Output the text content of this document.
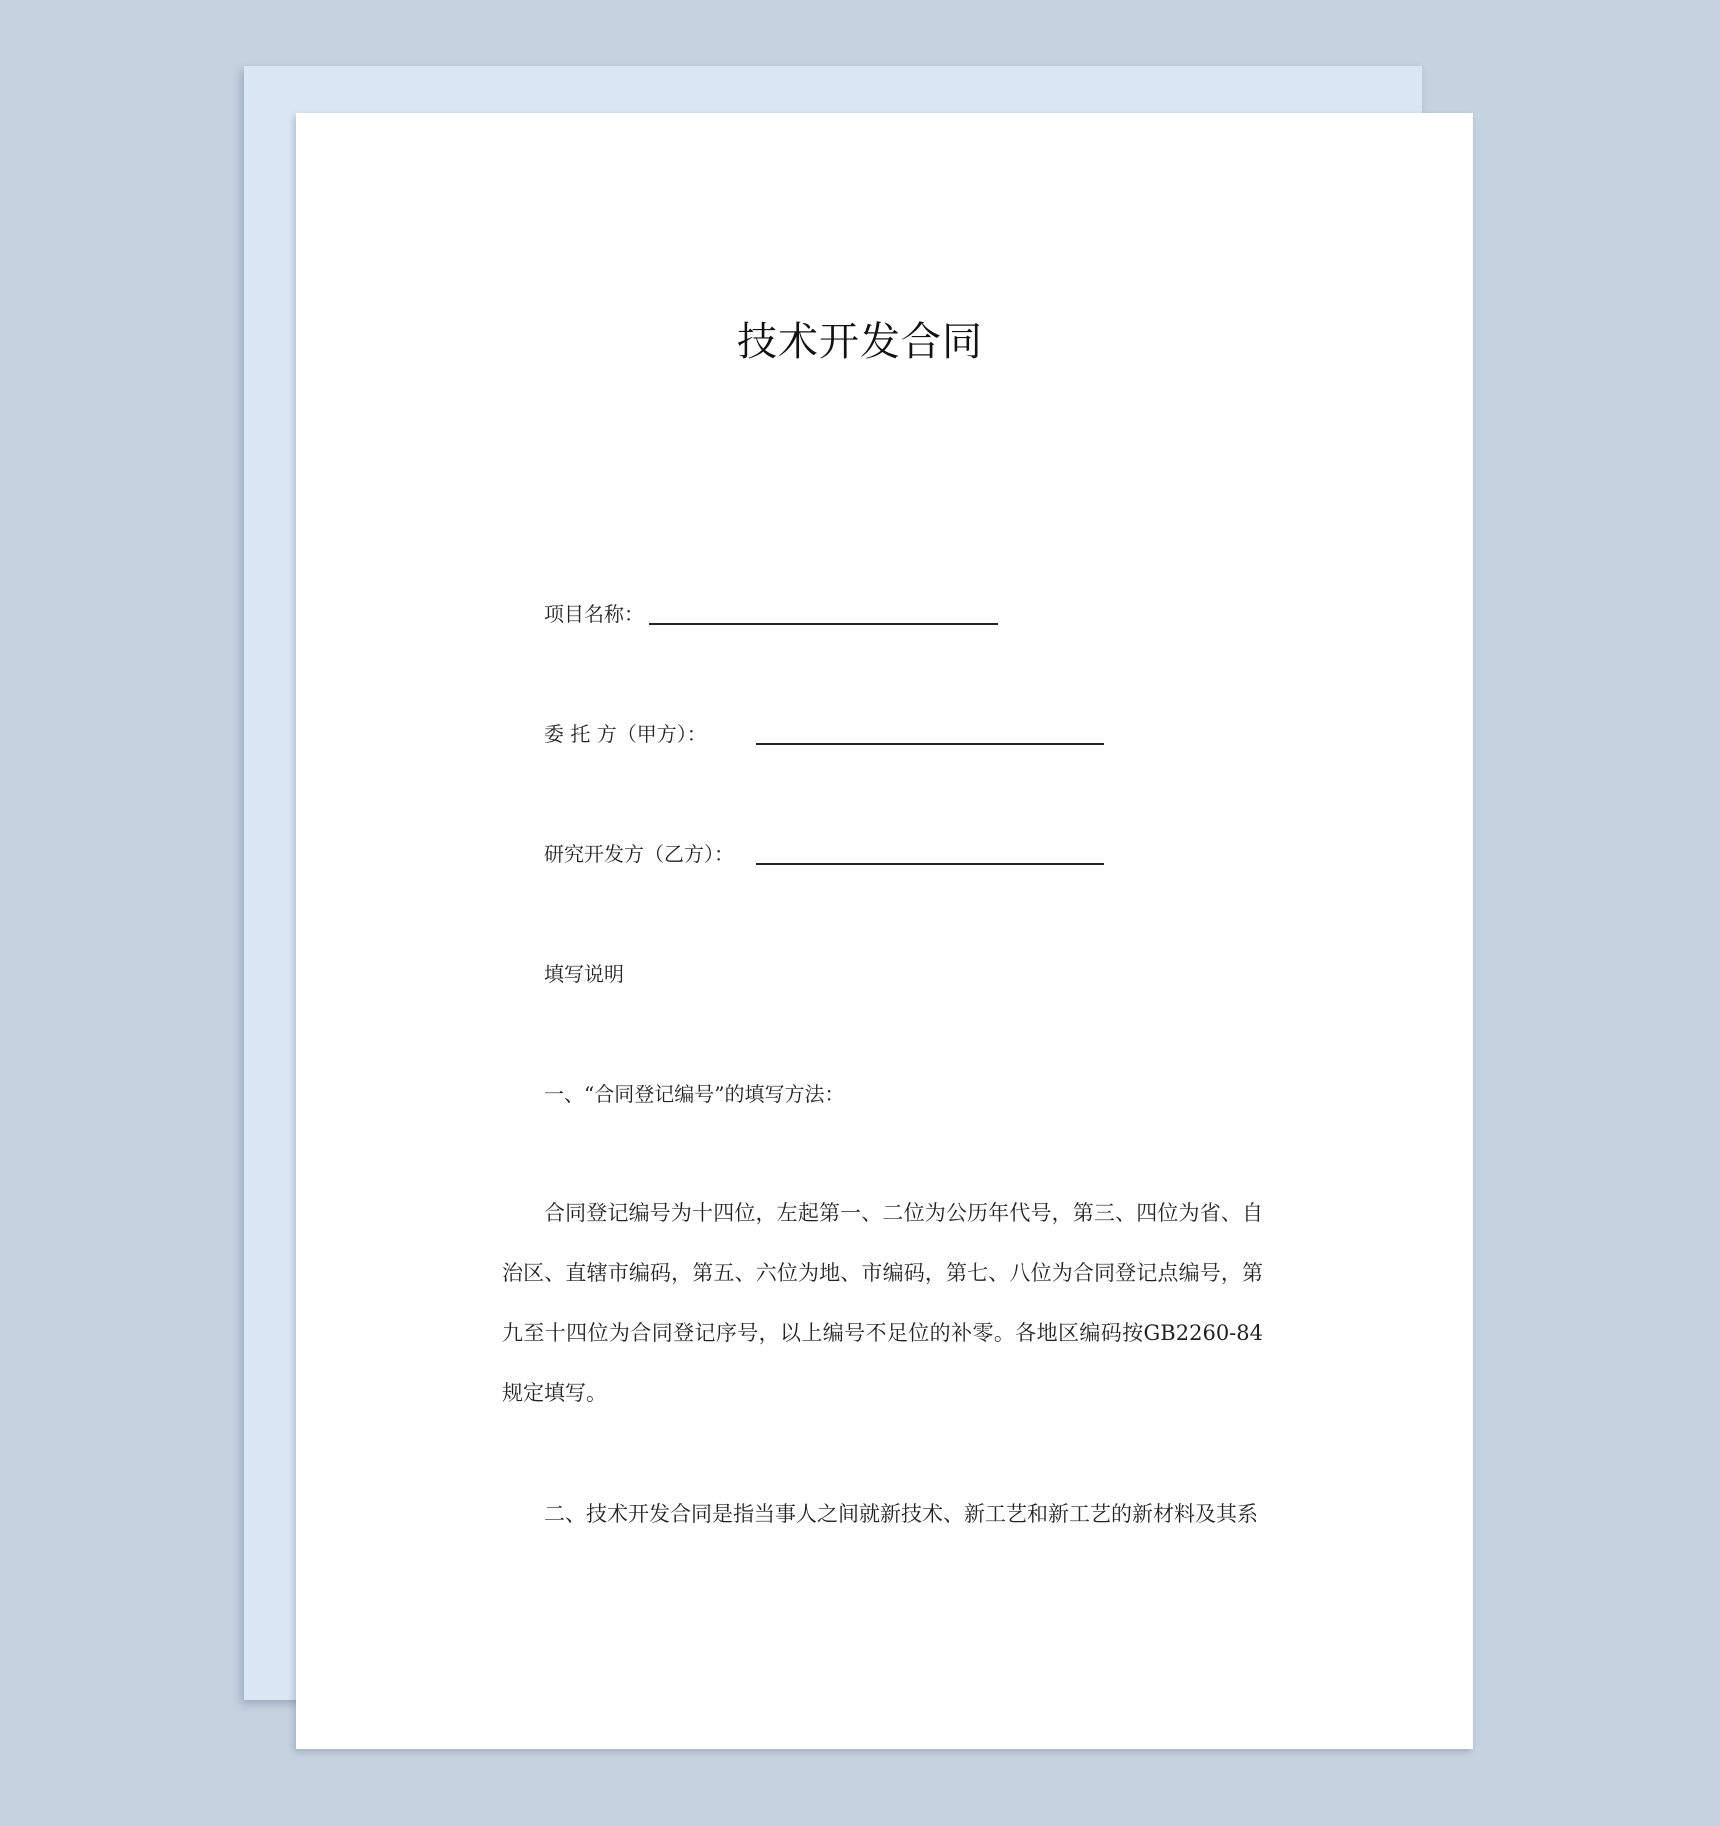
技术开发合同
项目名称：
委 托 方（甲方）：
研究开发方（乙方）：
填写说明
一、“合同登记编号”的填写方法：
合同登记编号为十四位，左起第一、二位为公历年代号，第三、四位为省、自治区、直辖市编码，第五、六位为地、市编码，第七、八位为合同登记点编号，第九至十四位为合同登记序号，以上编号不足位的补零。各地区编码按GB2260-84规定填写。
二、技术开发合同是指当事人之间就新技术、新工艺和新工艺的新材料及其系
